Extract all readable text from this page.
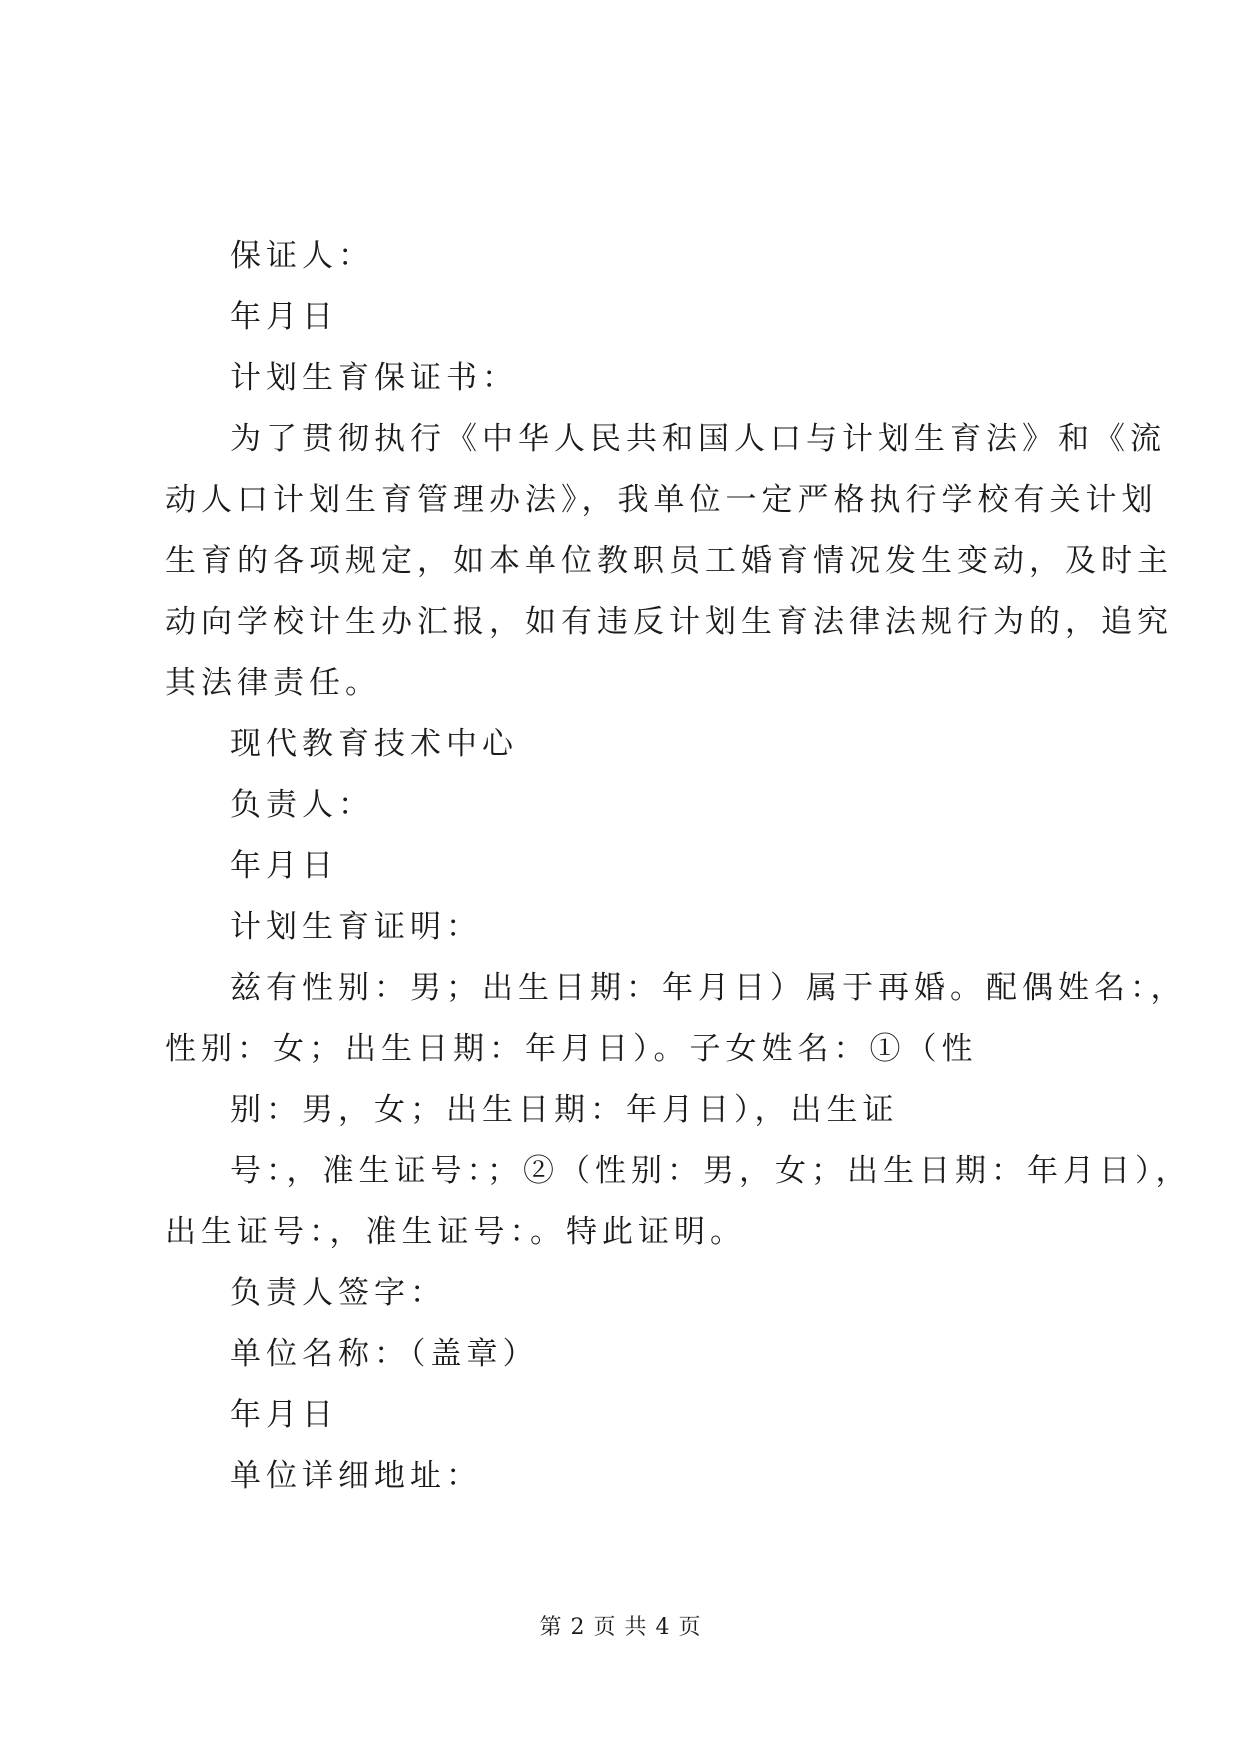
保证人：
年月日
计划生育保证书：
为了贯彻执行《中华人民共和国人口与计划生育法》和《流
动人口计划生育管理办法》，我单位一定严格执行学校有关计划
生育的各项规定，如本单位教职员工婚育情况发生变动，及时主
动向学校计生办汇报，如有违反计划生育法律法规行为的，追究
其法律责任。
现代教育技术中心
负责人：
年月日
计划生育证明：
兹有性别：男；出生日期：年月日）属于再婚。配偶姓名：，
性别：女；出生日期：年月日）。子女姓名：①（性
别：男，女；出生日期：年月日），出生证
号：，准生证号：；②（性别：男，女；出生日期：年月日），
出生证号：，准生证号：。特此证明。
负责人签字：
单位名称：（盖章）
年月日
单位详细地址：
第 2 页 共 4 页
